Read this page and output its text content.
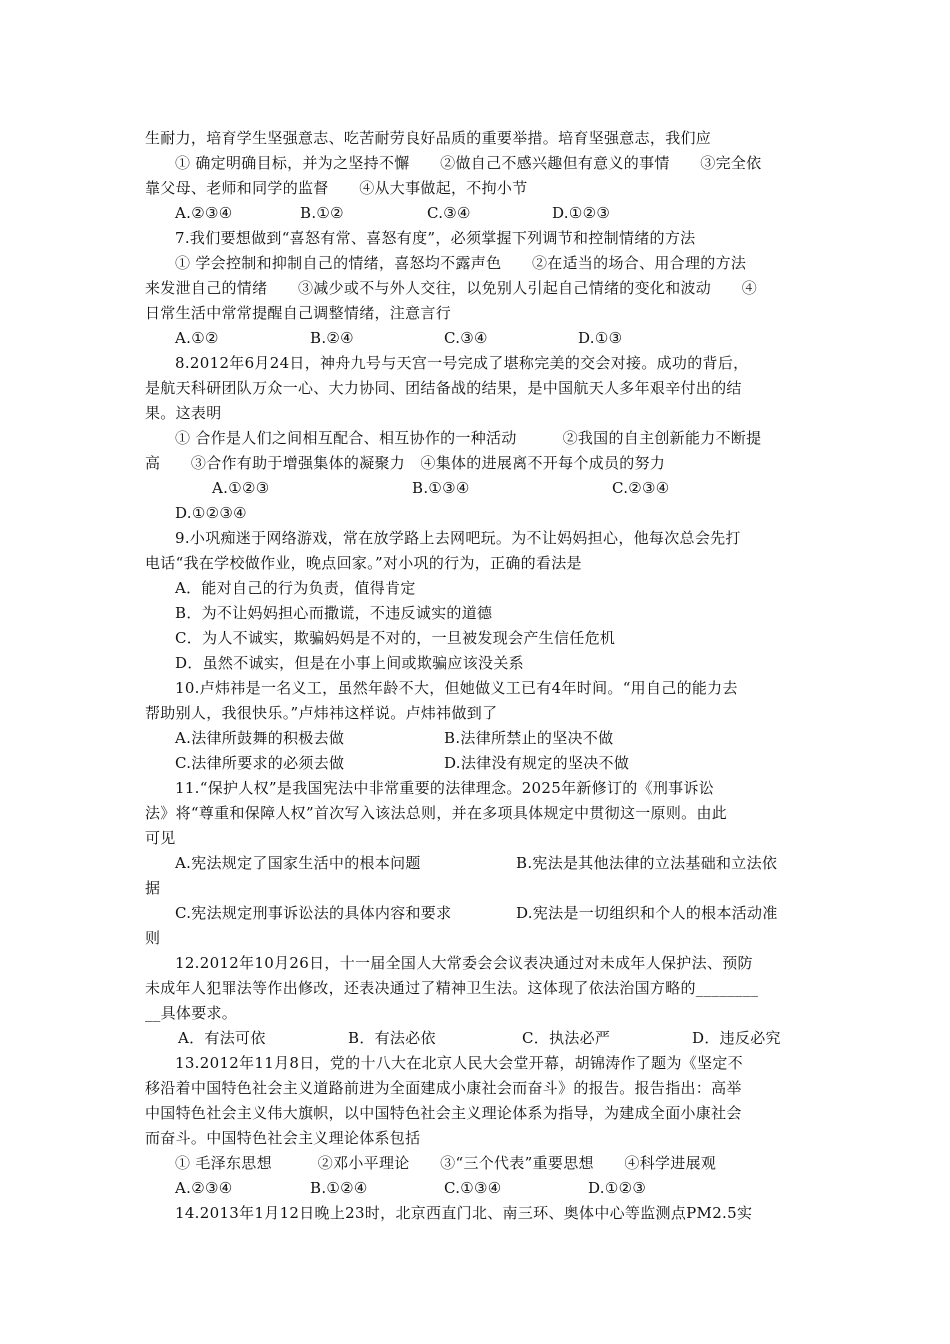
生耐力，培育学生坚强意志、吃苦耐劳良好品质的重要举措。培育坚强意志，我们应
① 确定明确目标，并为之坚持不懈　　②做自己不感兴趣但有意义的事情　　③完全依
靠父母、老师和同学的监督　　④从大事做起，不拘小节
A.②③④	B.①②	C.③④	D.①②③
7.我们要想做到“喜怒有常、喜怒有度”，必须掌握下列调节和控制情绪的方法
① 学会控制和抑制自己的情绪，喜怒均不露声色　　②在适当的场合、用合理的方法
来发泄自己的情绪　　③减少或不与外人交往，以免别人引起自己情绪的变化和波动　　④
日常生活中常常提醒自己调整情绪，注意言行
A.①②	B.②④	C.③④	D.①③
8.2012年6月24日，神舟九号与天宫一号完成了堪称完美的交会对接。成功的背后，
是航天科研团队万众一心、大力协同、团结备战的结果，是中国航天人多年艰辛付出的结
果。这表明
① 合作是人们之间相互配合、相互协作的一种活动　　　②我国的自主创新能力不断提
高　　③合作有助于增强集体的凝聚力　④集体的进展离不开每个成员的努力
A.①②③	B.①③④	C.②③④
D.①②③④
9.小巩痴迷于网络游戏，常在放学路上去网吧玩。为不让妈妈担心，他每次总会先打
电话“我在学校做作业，晚点回家。”对小巩的行为，正确的看法是
A．能对自己的行为负责，值得肯定
B．为不让妈妈担心而撒谎，不违反诚实的道德
C．为人不诚实，欺骗妈妈是不对的，一旦被发现会产生信任危机
D．虽然不诚实，但是在小事上间或欺骗应该没关系
10.卢炜祎是一名义工，虽然年龄不大，但她做义工已有4年时间。“用自己的能力去
帮助别人，我很快乐。”卢炜祎这样说。卢炜祎做到了
A.法律所鼓舞的积极去做	B.法律所禁止的坚决不做
C.法律所要求的必须去做	D.法律没有规定的坚决不做
11.“保护人权”是我国宪法中非常重要的法律理念。2025年新修订的《刑事诉讼
法》将“尊重和保障人权”首次写入该法总则，并在多项具体规定中贯彻这一原则。由此
可见
A.宪法规定了国家生活中的根本问题	B.宪法是其他法律的立法基础和立法依
据
C.宪法规定刑事诉讼法的具体内容和要求	D.宪法是一切组织和个人的根本活动准
则
12.2012年10月26日，十一届全国人大常委会会议表决通过对未成年人保护法、预防
未成年人犯罪法等作出修改，还表决通过了精神卫生法。这体现了依法治国方略的________
__具体要求。
A．有法可依	B．有法必依	C．执法必严	D．违反必究
13.2012年11月8日，党的十八大在北京人民大会堂开幕，胡锦涛作了题为《坚定不
移沿着中国特色社会主义道路前进为全面建成小康社会而奋斗》的报告。报告指出：高举
中国特色社会主义伟大旗帜，以中国特色社会主义理论体系为指导，为建成全面小康社会
而奋斗。中国特色社会主义理论体系包括
① 毛泽东思想　　　②邓小平理论　　③“三个代表”重要思想　　④科学进展观
A.②③④	B.①②④	C.①③④	D.①②③
14.2013年1月12日晚上23时，北京西直门北、南三环、奥体中心等监测点PM2.5实
